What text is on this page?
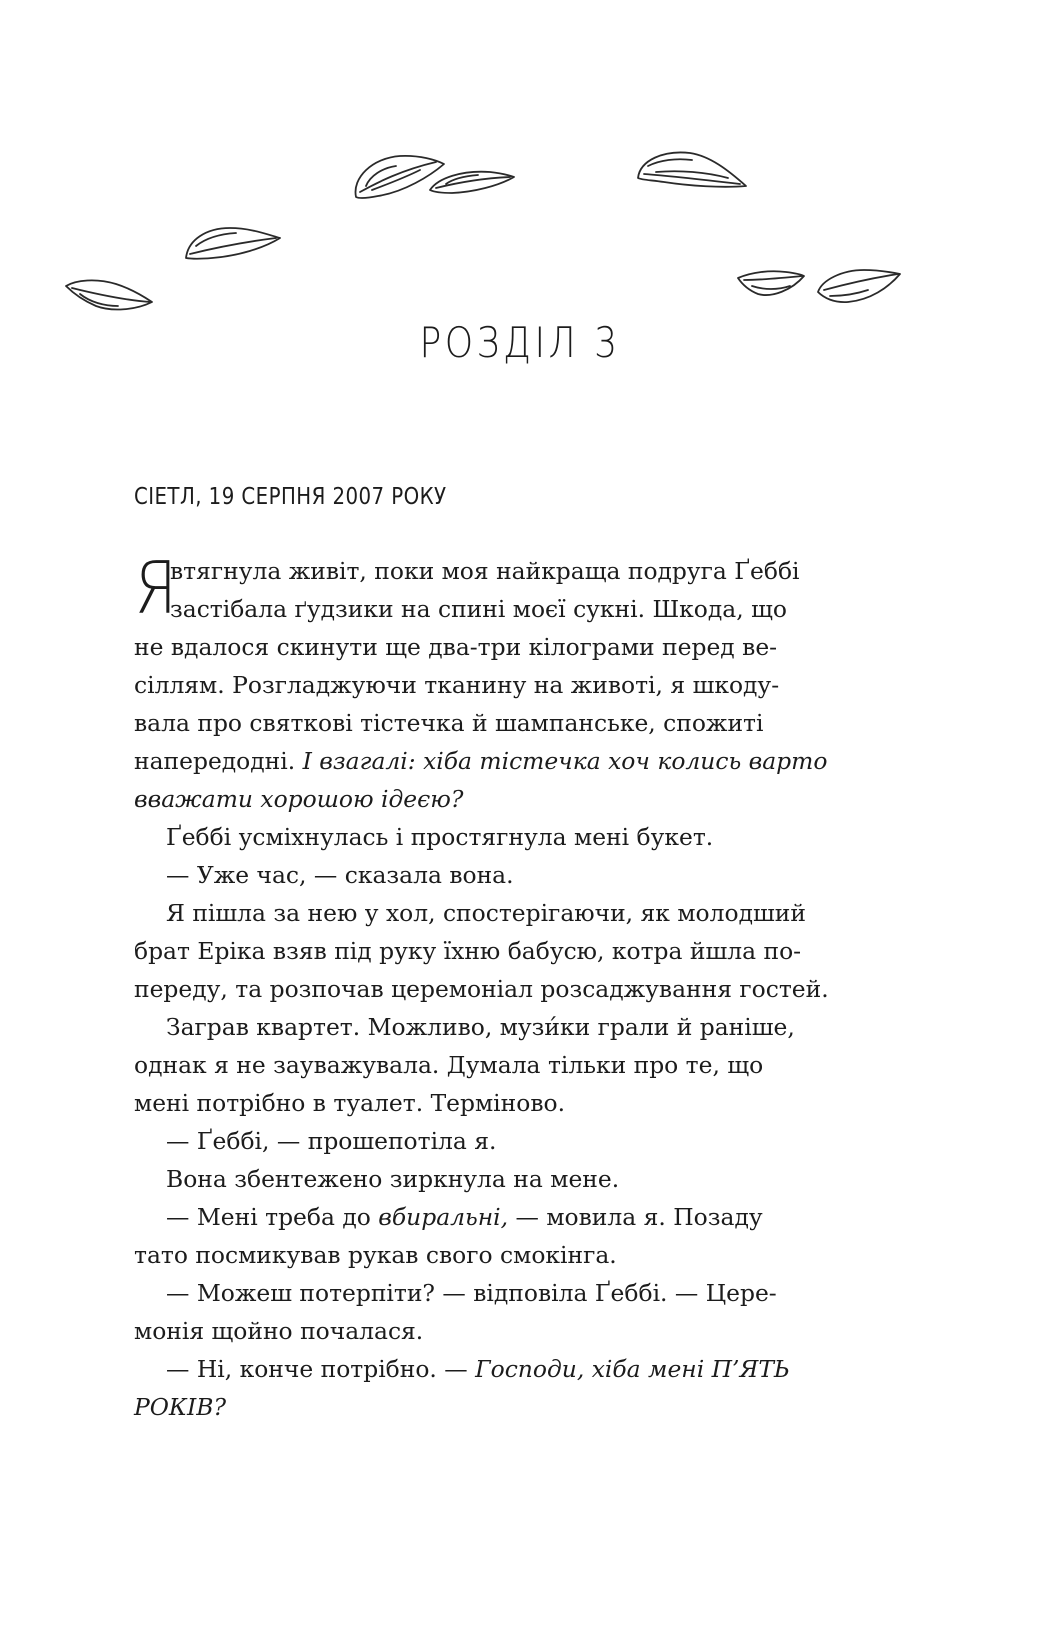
РОЗДІЛ 3
СІЕТЛ, 19 СЕРПНЯ 2007 РОКУ
Я
втягнула живіт, поки моя найкраща подруга Ґеббі
застібала ґудзики на спині моєї сукні. Шкода, що
не вдалося скинути ще два-три кілограми перед ве-
сіллям. Розгладжуючи тканину на животі, я шкоду-
вала про святкові тістечка й шампанське, спожиті
напередодні. І взагалі: хіба тістечка хоч колись варто
вважати хорошою ідеєю?
Ґеббі усміхнулась і простягнула мені букет.
— Уже час, — сказала вона.
Я пішла за нею у хол, спостерігаючи, як молодший
брат Еріка взяв під руку їхню бабусю, котра йшла по-
переду, та розпочав церемоніал розсаджування гостей.
Заграв квартет. Можливо, музи́ки грали й раніше,
однак я не зауважувала. Думала тільки про те, що
мені потрібно в туалет. Терміново.
— Ґеббі, — прошепотіла я.
Вона збентежено зиркнула на мене.
— Мені треба до вбиральні, — мовила я. Позаду
тато посмикував рукав свого смокінга.
— Можеш потерпіти? — відповіла Ґеббі. — Цере-
монія щойно почалася.
— Ні, конче потрібно. — Господи, хіба мені П’ЯТЬ
РОКІВ?
